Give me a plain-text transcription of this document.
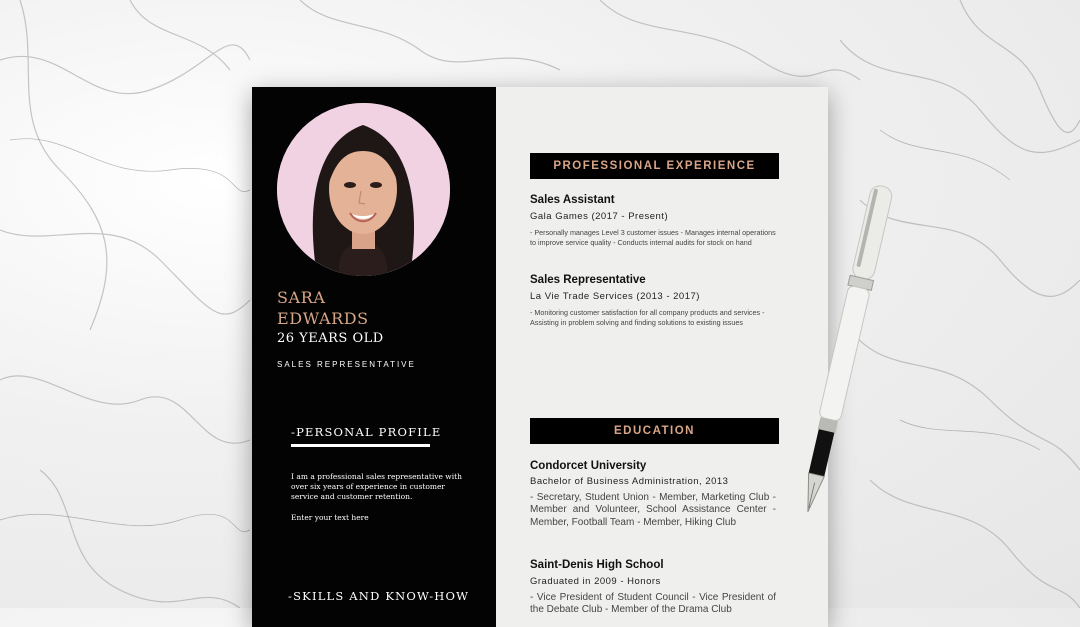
SARA
EDWARDS
26 YEARS OLD
SALES REPRESENTATIVE
-PERSONAL PROFILE
I am a professional sales representative with over six years of experience in customer service and customer retention.
Enter your text here
-SKILLS AND KNOW-HOW
PROFESSIONAL EXPERIENCE
Sales Assistant
Gala Games (2017 - Present)
- Personally manages Level 3 customer issues - Manages internal operations to improve service quality - Conducts internal audits for stock on hand
Sales Representative
La Vie Trade Services (2013 - 2017)
- Monitoring customer satisfaction for all company products and services - Assisting in problem solving and finding solutions to existing issues
EDUCATION
Condorcet University
Bachelor of Business Administration, 2013
- Secretary, Student Union - Member, Marketing Club - Member and Volunteer, School Assistance Center - Member, Football Team - Member, Hiking Club
Saint-Denis High School
Graduated in 2009 - Honors
- Vice President of Student Council - Vice President of the Debate Club - Member of the Drama Club
